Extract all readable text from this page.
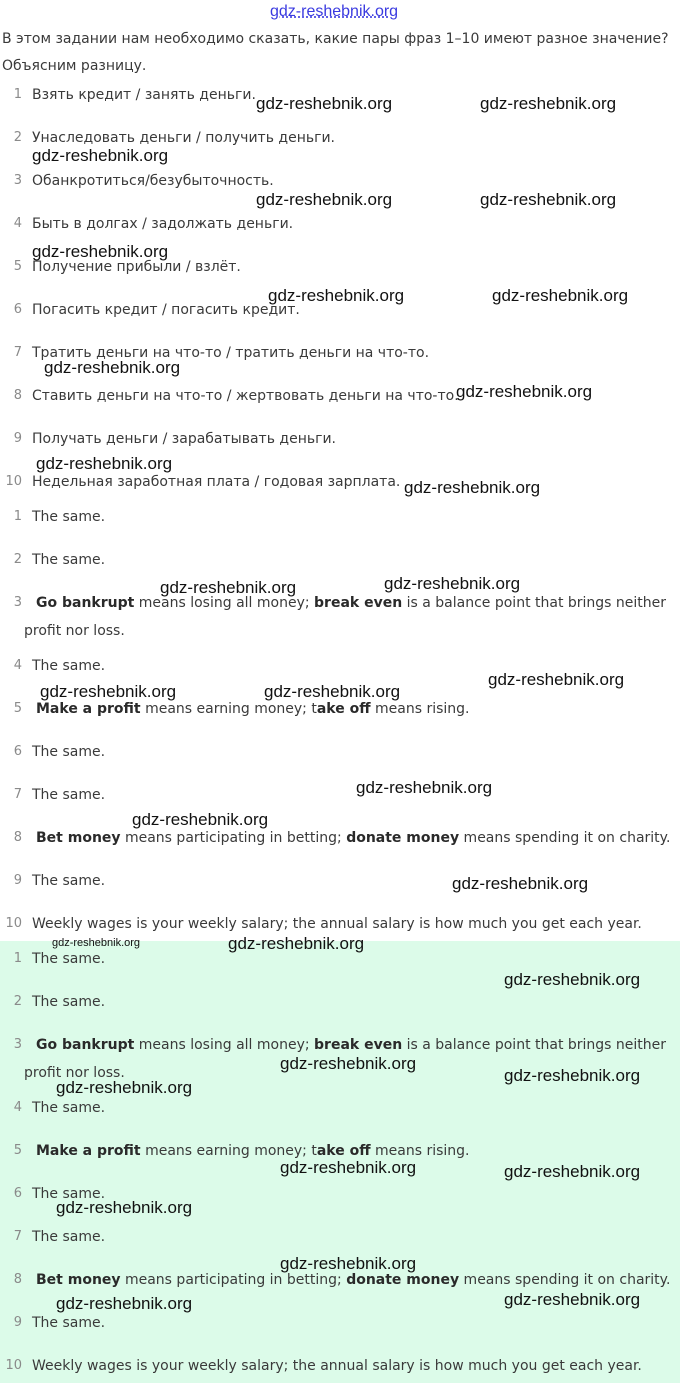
gdz-reshebnik.org
В этом задании нам необходимо сказать, какие пары фраз 1–10 имеют разное значение?
Объясним разницу.
1 Взять кредит / занять деньги.
2 Унаследовать деньги / получить деньги.
3 Обанкротиться/безубыточность.
4 Быть в долгах / задолжать деньги.
5 Получение прибыли / взлёт.
6 Погасить кредит / погасить кредит.
7 Тратить деньги на что-то / тратить деньги на что-то.
8 Ставить деньги на что-то / жертвовать деньги на что-то.
9 Получать деньги / зарабатывать деньги.
10 Недельная заработная плата / годовая зарплата.
1 The same.
2 The same.
3 Go bankrupt means losing all money; break even is a balance point that brings neither
profit nor loss.
4 The same.
5 Make a profit means earning money; take off means rising.
6 The same.
7 The same.
8 Bet money means participating in betting; donate money means spending it on charity.
9 The same.
10 Weekly wages is your weekly salary; the annual salary is how much you get each year.
1 The same.
2 The same.
3 Go bankrupt means losing all money; break even is a balance point that brings neither
profit nor loss.
4 The same.
5 Make a profit means earning money; take off means rising.
6 The same.
7 The same.
8 Bet money means participating in betting; donate money means spending it on charity.
9 The same.
10 Weekly wages is your weekly salary; the annual salary is how much you get each year.
gdz-reshebnik.org	gdz-reshebnik.org
gdz-reshebnik.org
gdz-reshebnik.org	gdz-reshebnik.org
gdz-reshebnik.org
gdz-reshebnik.org	gdz-reshebnik.org
gdz-reshebnik.org
gdz-reshebnik.org
gdz-reshebnik.org
gdz-reshebnik.org
gdz-reshebnik.org	gdz-reshebnik.org
gdz-reshebnik.org	gdz-reshebnik.org
gdz-reshebnik.org
gdz-reshebnik.org
gdz-reshebnik.org
gdz-reshebnik.org
gdz-reshebnik.org	gdz-reshebnik.org
gdz-reshebnik.org
gdz-reshebnik.org
gdz-reshebnik.org
gdz-reshebnik.org
gdz-reshebnik.org	gdz-reshebnik.org
gdz-reshebnik.org
gdz-reshebnik.org
gdz-reshebnik.org	gdz-reshebnik.org
